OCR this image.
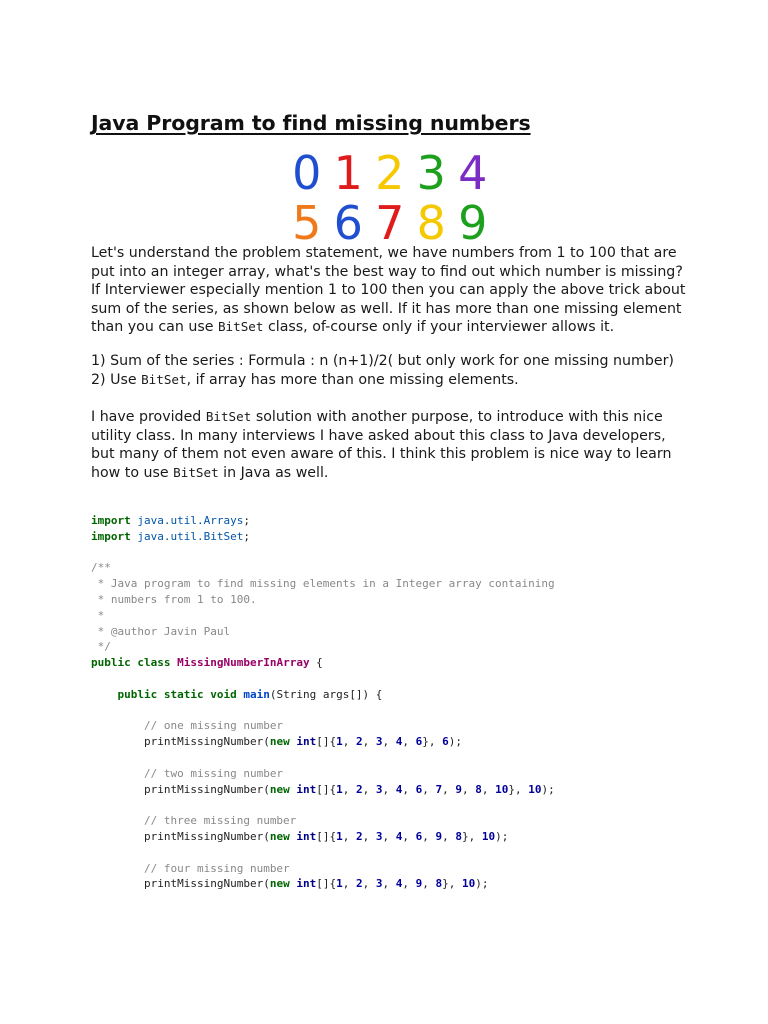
Java Program to find missing numbers
0 1 2 3 4
5 6 7 8 9
Let's understand the problem statement, we have numbers from 1 to 100 that are put into an integer array, what's the best way to find out which number is missing? If Interviewer especially mention 1 to 100 then you can apply the above trick about sum of the series, as shown below as well. If it has more than one missing element than you can use BitSet class, of-course only if your interviewer allows it.
1) Sum of the series : Formula : n (n+1)/2( but only work for one missing number)
2) Use BitSet, if array has more than one missing elements.
I have provided BitSet solution with another purpose, to introduce with this nice utility class. In many interviews I have asked about this class to Java developers, but many of them not even aware of this. I think this problem is nice way to learn how to use BitSet in Java as well.
import java.util.Arrays;
import java.util.BitSet;

/**
* Java program to find missing elements in a Integer array containing
* numbers from 1 to 100.
*
* @author Javin Paul
*/
public class MissingNumberInArray {

public static void main(String args[]) {

// one missing number
printMissingNumber(new int[]{1, 2, 3, 4, 6}, 6);

// two missing number
printMissingNumber(new int[]{1, 2, 3, 4, 6, 7, 9, 8, 10}, 10);

// three missing number
printMissingNumber(new int[]{1, 2, 3, 4, 6, 9, 8}, 10);

// four missing number
printMissingNumber(new int[]{1, 2, 3, 4, 9, 8}, 10);
